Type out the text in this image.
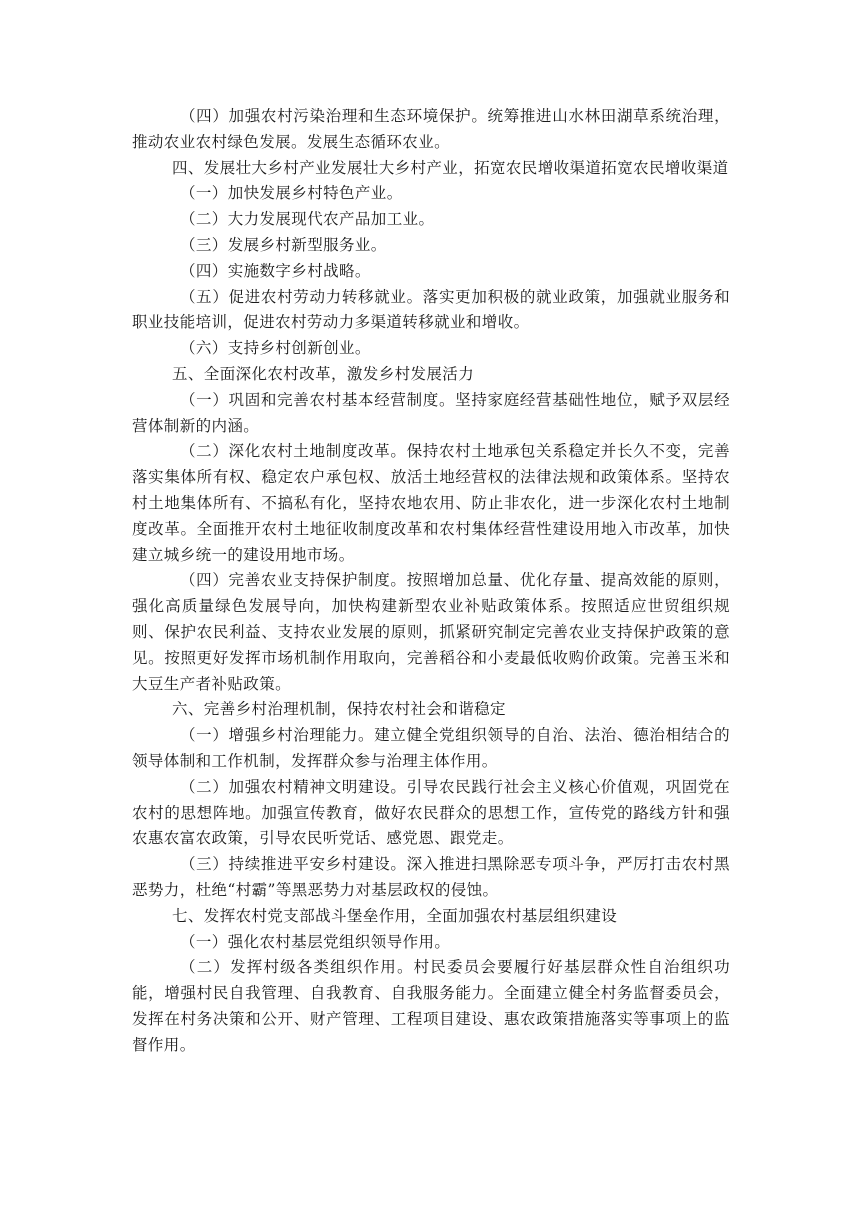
（四）加强农村污染治理和生态环境保护。统筹推进山水林田湖草系统治理，推动农业农村绿色发展。发展生态循环农业。

四、发展壮大乡村产业发展壮大乡村产业，拓宽农民增收渠道拓宽农民增收渠道

（一）加快发展乡村特色产业。

（二）大力发展现代农产品加工业。

（三）发展乡村新型服务业。

（四）实施数字乡村战略。

（五）促进农村劳动力转移就业。落实更加积极的就业政策，加强就业服务和职业技能培训，促进农村劳动力多渠道转移就业和增收。

（六）支持乡村创新创业。

五、全面深化农村改革，激发乡村发展活力

（一）巩固和完善农村基本经营制度。坚持家庭经营基础性地位，赋予双层经营体制新的内涵。

（二）深化农村土地制度改革。保持农村土地承包关系稳定并长久不变，完善落实集体所有权、稳定农户承包权、放活土地经营权的法律法规和政策体系。坚持农村土地集体所有、不搞私有化，坚持农地农用、防止非农化，进一步深化农村土地制度改革。全面推开农村土地征收制度改革和农村集体经营性建设用地入市改革，加快建立城乡统一的建设用地市场。

（四）完善农业支持保护制度。按照增加总量、优化存量、提高效能的原则，强化高质量绿色发展导向，加快构建新型农业补贴政策体系。按照适应世贸组织规则、保护农民利益、支持农业发展的原则，抓紧研究制定完善农业支持保护政策的意见。按照更好发挥市场机制作用取向，完善稻谷和小麦最低收购价政策。完善玉米和大豆生产者补贴政策。

六、完善乡村治理机制，保持农村社会和谐稳定

（一）增强乡村治理能力。建立健全党组织领导的自治、法治、德治相结合的领导体制和工作机制，发挥群众参与治理主体作用。

（二）加强农村精神文明建设。引导农民践行社会主义核心价值观，巩固党在农村的思想阵地。加强宣传教育，做好农民群众的思想工作，宣传党的路线方针和强农惠农富农政策，引导农民听党话、感党恩、跟党走。

（三）持续推进平安乡村建设。深入推进扫黑除恶专项斗争，严厉打击农村黑恶势力，杜绝“村霸”等黑恶势力对基层政权的侵蚀。

七、发挥农村党支部战斗堡垒作用，全面加强农村基层组织建设

（一）强化农村基层党组织领导作用。

（二）发挥村级各类组织作用。村民委员会要履行好基层群众性自治组织功能，增强村民自我管理、自我教育、自我服务能力。全面建立健全村务监督委员会，发挥在村务决策和公开、财产管理、工程项目建设、惠农政策措施落实等事项上的监督作用。
